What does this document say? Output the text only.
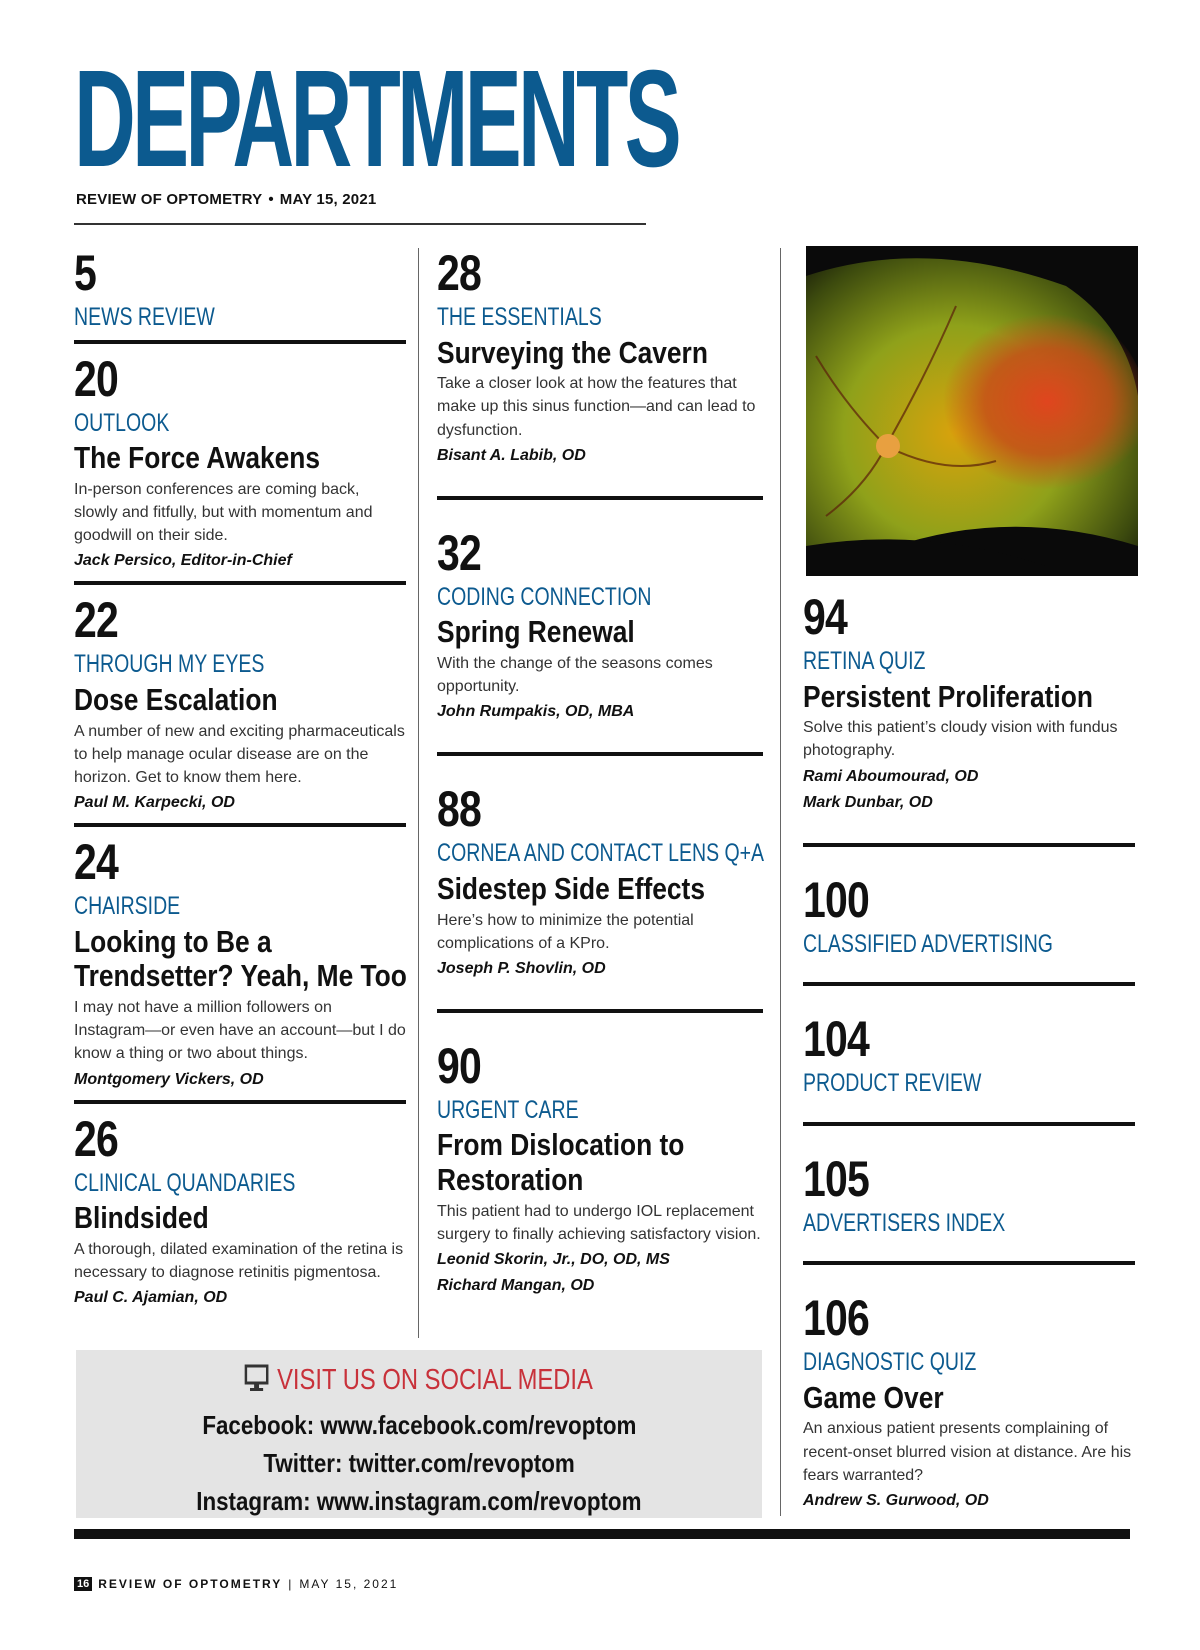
DEPARTMENTS
REVIEW OF OPTOMETRY • MAY 15, 2021
5
NEWS REVIEW
20
OUTLOOK
The Force Awakens
In-person conferences are coming back, slowly and fitfully, but with momentum and goodwill on their side.
Jack Persico, Editor-in-Chief
22
THROUGH MY EYES
Dose Escalation
A number of new and exciting pharmaceuticals to help manage ocular disease are on the horizon. Get to know them here.
Paul M. Karpecki, OD
24
CHAIRSIDE
Looking to Be a
Trendsetter? Yeah, Me Too
I may not have a million followers on Instagram—or even have an account—but I do know a thing or two about things.
Montgomery Vickers, OD
26
CLINICAL QUANDARIES
Blindsided
A thorough, dilated examination of the retina is necessary to diagnose retinitis pigmentosa.
Paul C. Ajamian, OD
28
THE ESSENTIALS
Surveying the Cavern
Take a closer look at how the features that make up this sinus function—and can lead to dysfunction.
Bisant A. Labib, OD
32
CODING CONNECTION
Spring Renewal
With the change of the seasons comes opportunity.
John Rumpakis, OD, MBA
88
CORNEA AND CONTACT LENS Q+A
Sidestep Side Effects
Here’s how to minimize the potential complications of a KPro.
Joseph P. Shovlin, OD
90
URGENT CARE
From Dislocation to
Restoration
This patient had to undergo IOL replacement surgery to finally achieving satisfactory vision.
Leonid Skorin, Jr., DO, OD, MS
Richard Mangan, OD
94
RETINA QUIZ
Persistent Proliferation
Solve this patient’s cloudy vision with fundus photography.
Rami Aboumourad, OD
Mark Dunbar, OD
100
CLASSIFIED ADVERTISING
104
PRODUCT REVIEW
105
ADVERTISERS INDEX
106
DIAGNOSTIC QUIZ
Game Over
An anxious patient presents complaining of recent-onset blurred vision at distance. Are his fears warranted?
Andrew S. Gurwood, OD
VISIT US ON SOCIAL MEDIA
Facebook: www.facebook.com/revoptom
Twitter: twitter.com/revoptom
Instagram: www.instagram.com/revoptom
16 REVIEW OF OPTOMETRY | MAY 15, 2021
